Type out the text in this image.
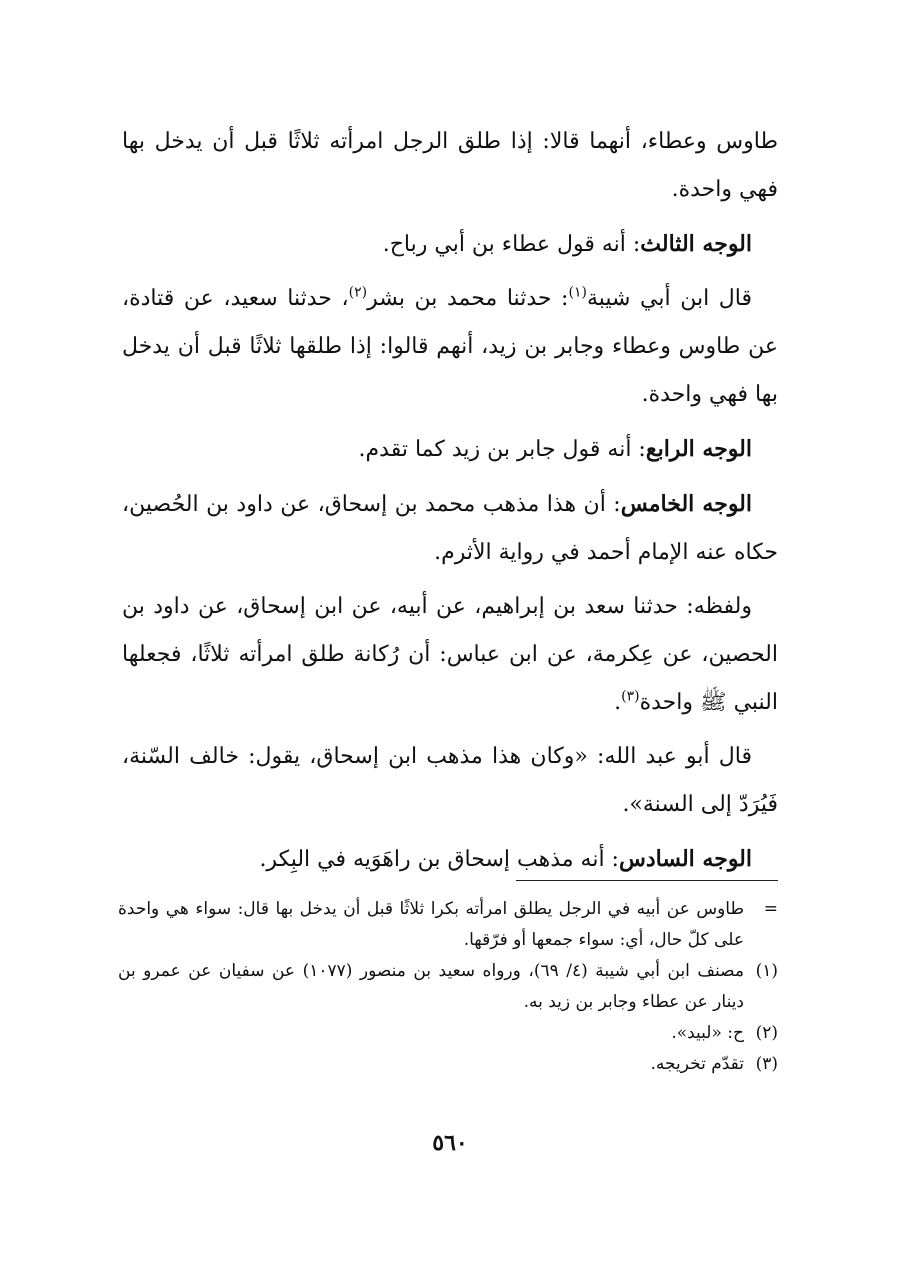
طاوس وعطاء، أنهما قالا: إذا طلق الرجل امرأته ثلاثًا قبل أن يدخل بها فهي واحدة.

الوجه الثالث: أنه قول عطاء بن أبي رباح.

قال ابن أبي شيبة$^{(١)}$: حدثنا محمد بن بشر$^{(٢)}$، حدثنا سعيد، عن قتادة، عن طاوس وعطاء وجابر بن زيد، أنهم قالوا: إذا طلقها ثلاثًا قبل أن يدخل بها فهي واحدة.

الوجه الرابع: أنه قول جابر بن زيد كما تقدم.

الوجه الخامس: أن هذا مذهب محمد بن إسحاق، عن داود بن الحُصين، حكاه عنه الإمام أحمد في رواية الأثرم.

ولفظه: حدثنا سعد بن إبراهيم، عن أبيه، عن ابن إسحاق، عن داود بن الحصين، عن عِكرمة، عن ابن عباس: أن رُكانة طلق امرأته ثلاثًا، فجعلها النبي ﷺ واحدة$^{(٣)}$.

قال أبو عبد الله: «وكان هذا مذهب ابن إسحاق، يقول: خالف السّنة، فَيُرَدّ إلى السنة».

الوجه السادس: أنه مذهب إسحاق بن راهَوَيه في البِكر.

=
طاوس عن أبيه في الرجل يطلق امرأته بكرا ثلاثًا قبل أن يدخل بها قال: سواء هي واحدة على كلّ حال، أي: سواء جمعها أو فرّقها.
(١)
مصنف ابن أبي شيبة (٤/ ٦٩)، ورواه سعيد بن منصور (١٠٧٧) عن سفيان عن عمرو بن دينار عن عطاء وجابر بن زيد به.
(٢)
ح: «لبيد».
(٣)
تقدّم تخريجه.
٥٦٠
